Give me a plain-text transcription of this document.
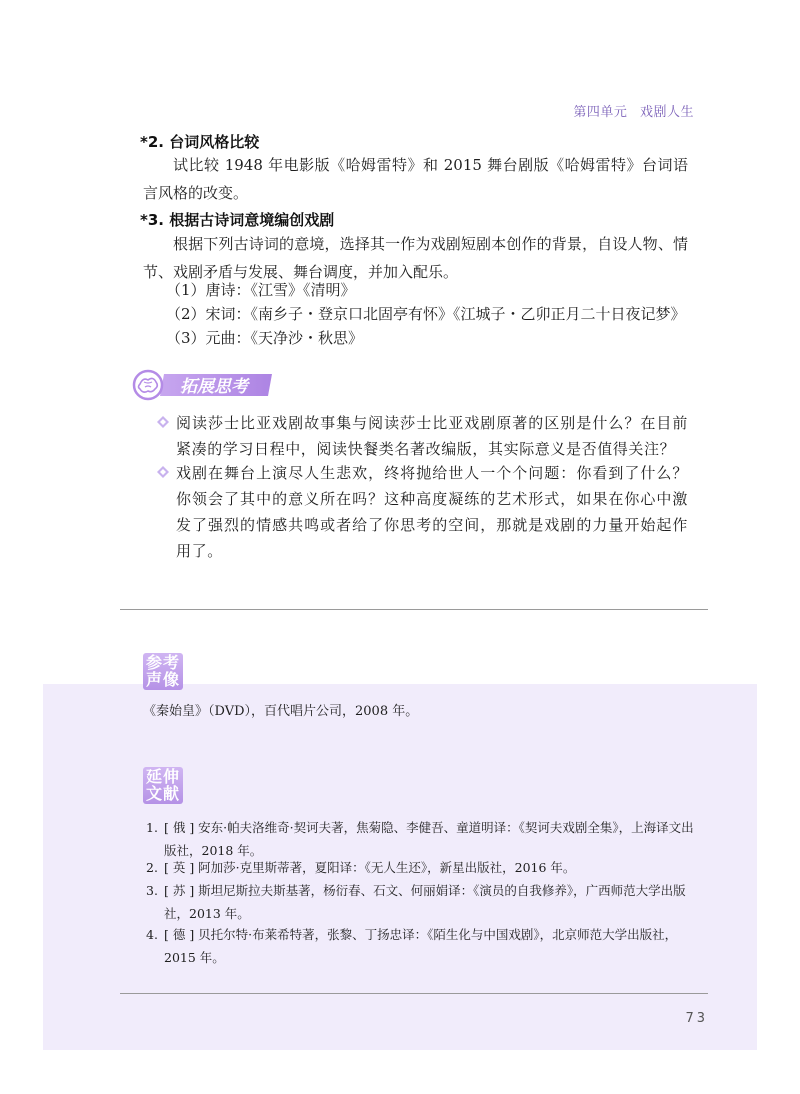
第四单元 戏剧人生
*2. 台词风格比较
试比较 1948 年电影版《哈姆雷特》和 2015 舞台剧版《哈姆雷特》台词语言风格的改变。
*3. 根据古诗词意境编创戏剧
根据下列古诗词的意境，选择其一作为戏剧短剧本创作的背景，自设人物、情节、戏剧矛盾与发展、舞台调度，并加入配乐。
（1）唐诗：《江雪》《清明》
（2）宋词：《南乡子・登京口北固亭有怀》《江城子・乙卯正月二十日夜记梦》
（3）元曲：《天净沙・秋思》
拓展思考
阅读莎士比亚戏剧故事集与阅读莎士比亚戏剧原著的区别是什么？在目前紧凑的学习日程中，阅读快餐类名著改编版，其实际意义是否值得关注？
戏剧在舞台上演尽人生悲欢，终将抛给世人一个个问题：你看到了什么？你领会了其中的意义所在吗？这种高度凝练的艺术形式，如果在你心中激发了强烈的情感共鸣或者给了你思考的空间，那就是戏剧的力量开始起作用了。
参考
声像
《秦始皇》（DVD），百代唱片公司，2008 年。
延伸
文献
1. [ 俄 ] 安东·帕夫洛维奇·契诃夫著，焦菊隐、李健吾、童道明译：《契诃夫戏剧全集》，上海译文出版社，2018 年。
2. [ 英 ] 阿加莎·克里斯蒂著，夏阳译：《无人生还》，新星出版社，2016 年。
3. [ 苏 ] 斯坦尼斯拉夫斯基著，杨衍春、石文、何丽娟译：《演员的自我修养》，广西师范大学出版社，2013 年。
4. [ 德 ] 贝托尔特·布莱希特著，张黎、丁扬忠译：《陌生化与中国戏剧》，北京师范大学出版社，2015 年。
73
